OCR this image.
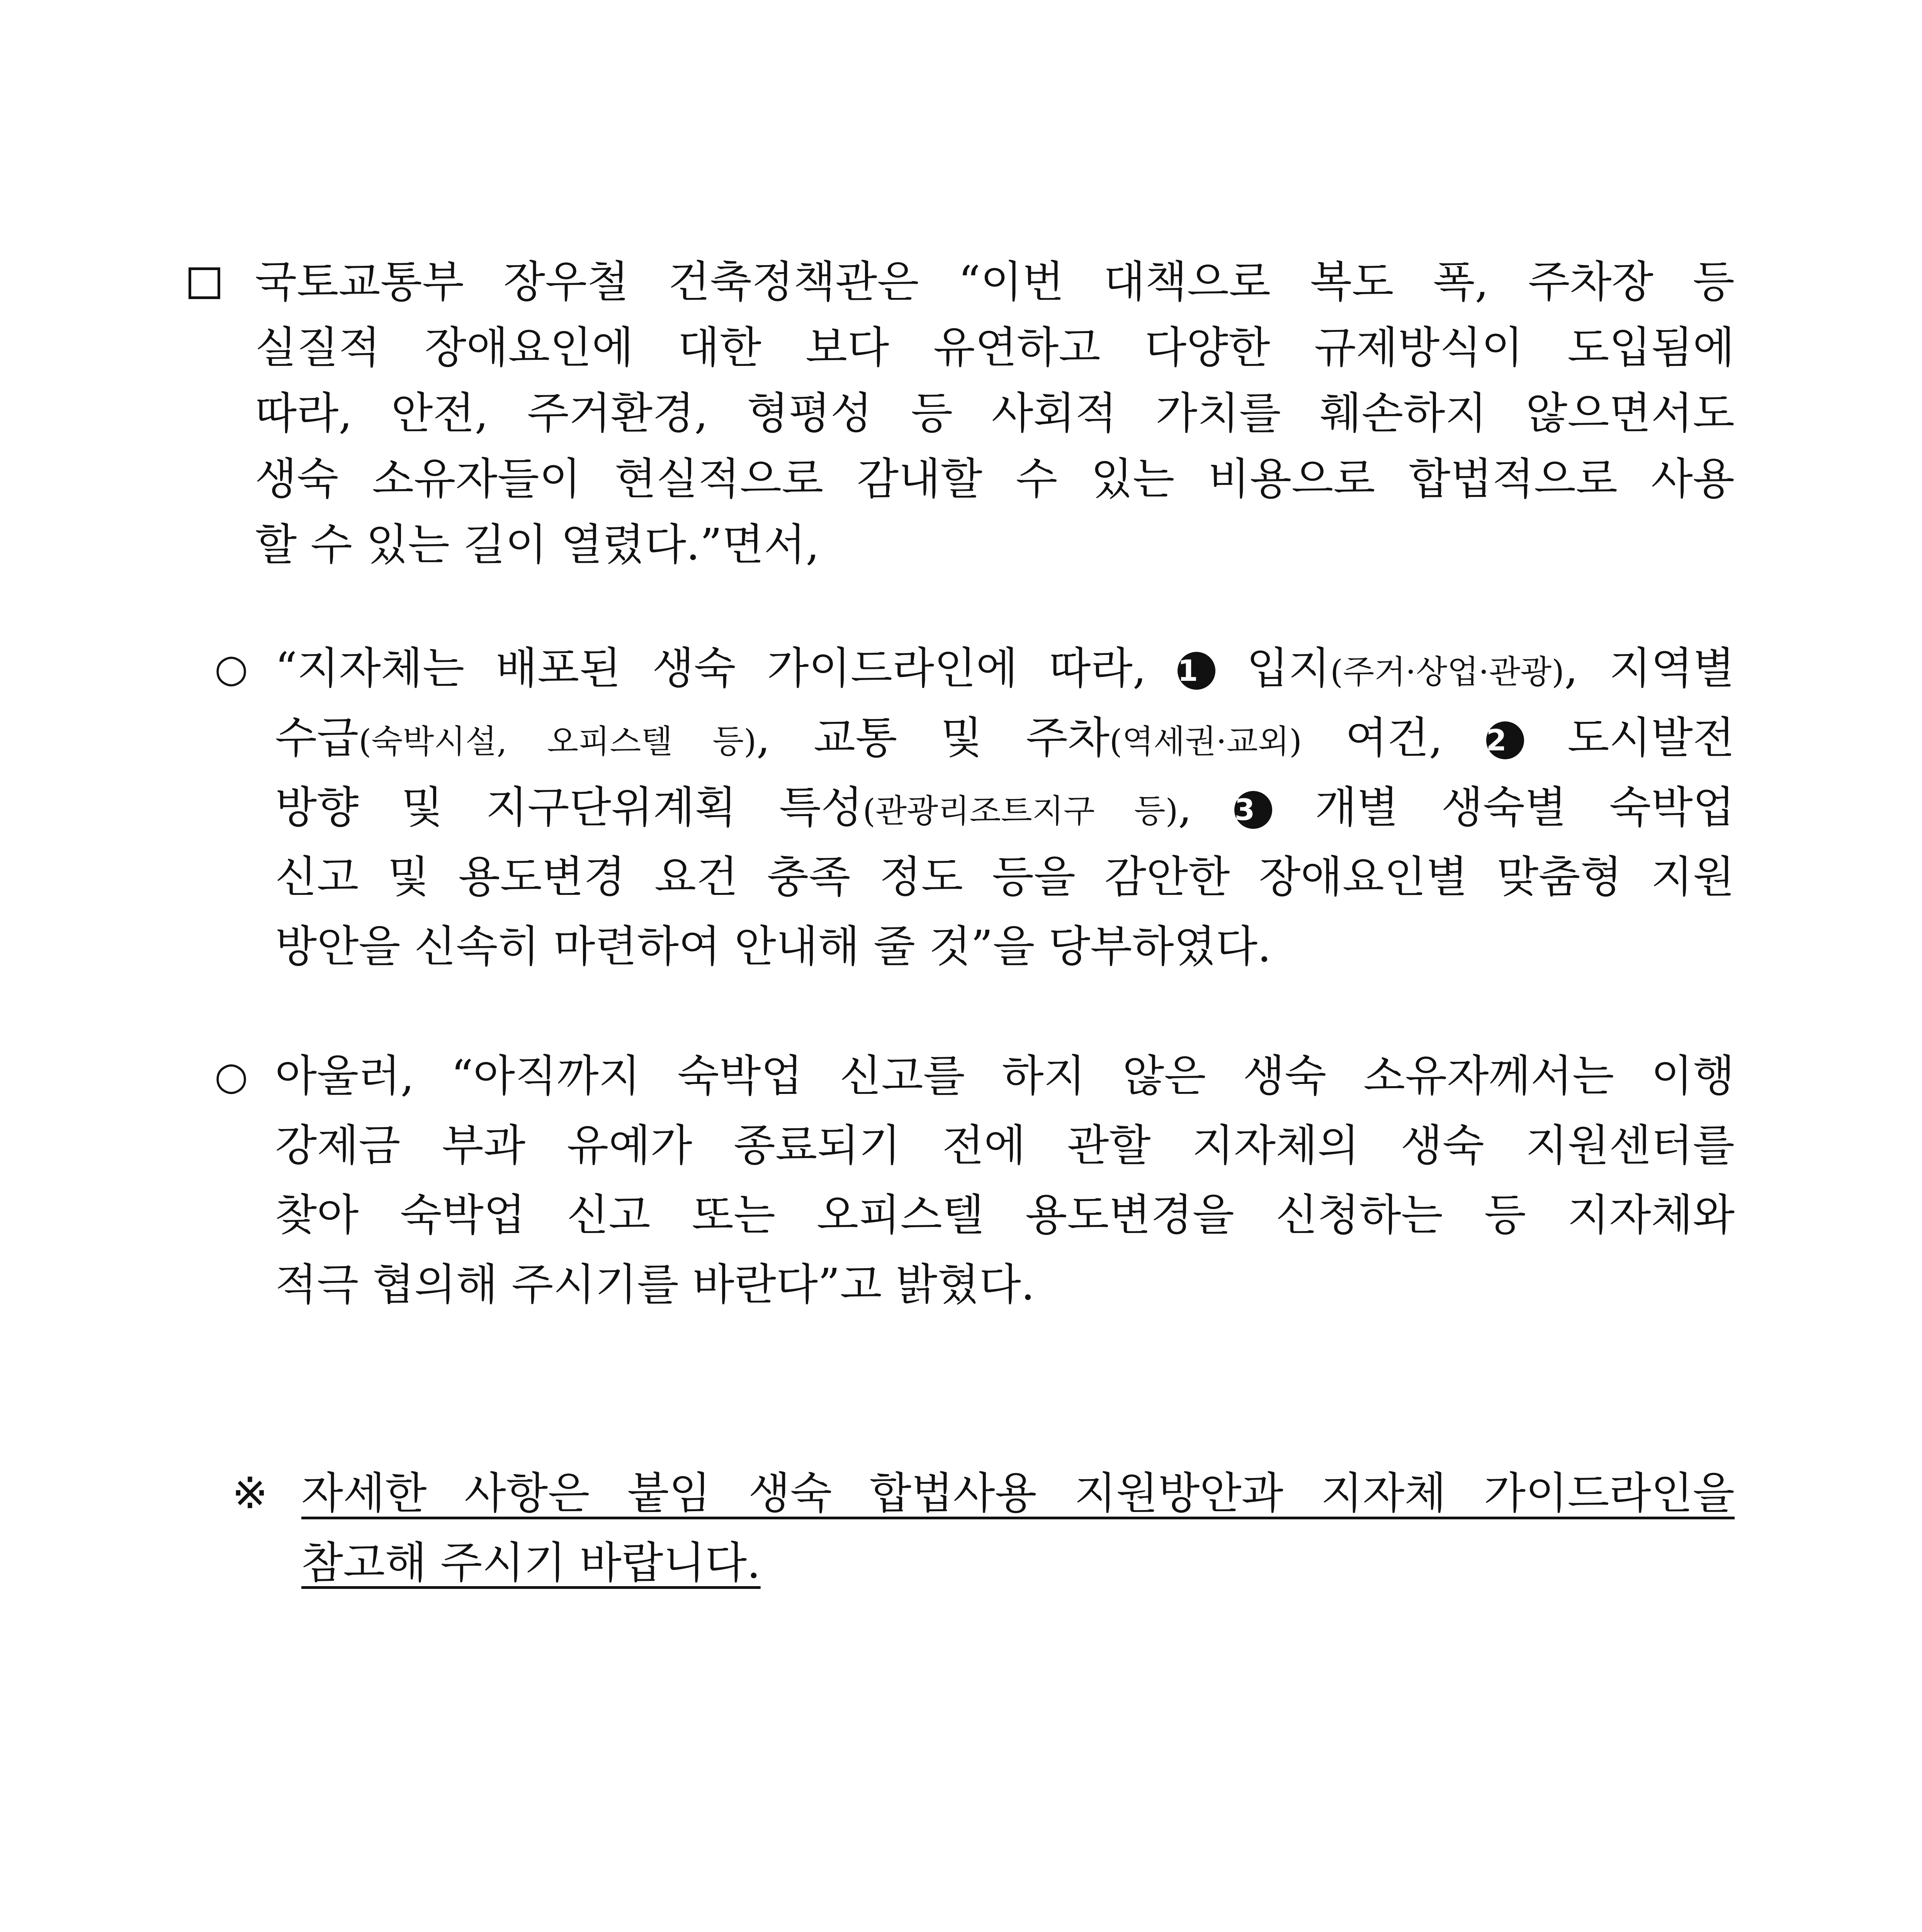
국토교통부 장우철 건축정책관은 “이번 대책으로 복도 폭, 주차장 등
실질적 장애요인에 대한 보다 유연하고 다양한 규제방식이 도입됨에
따라, 안전, 주거환경, 형평성 등 사회적 가치를 훼손하지 않으면서도
생숙 소유자들이 현실적으로 감내할 수 있는 비용으로 합법적으로 사용
할 수 있는 길이 열렸다.”면서,
○ “지자체는 배포된 생숙 가이드라인에 따라, 1 입지(주거·상업·관광), 지역별
수급(숙박시설, 오피스텔 등), 교통 및 주차(역세권·교외) 여건, 2 도시발전
방향 및 지구단위계획 특성(관광리조트지구 등), 3 개별 생숙별 숙박업
신고 및 용도변경 요건 충족 정도 등을 감안한 장애요인별 맞춤형 지원
방안을 신속히 마련하여 안내해 줄 것”을 당부하였다.
○ 아울러, “아직까지 숙박업 신고를 하지 않은 생숙 소유자께서는 이행
강제금 부과 유예가 종료되기 전에 관할 지자체의 생숙 지원센터를
찾아 숙박업 신고 또는 오피스텔 용도변경을 신청하는 등 지자체와
적극 협의해 주시기를 바란다”고 밝혔다.
※ 자세한 사항은 붙임 생숙 합법사용 지원방안과 지자체 가이드라인을
참고해 주시기 바랍니다.
